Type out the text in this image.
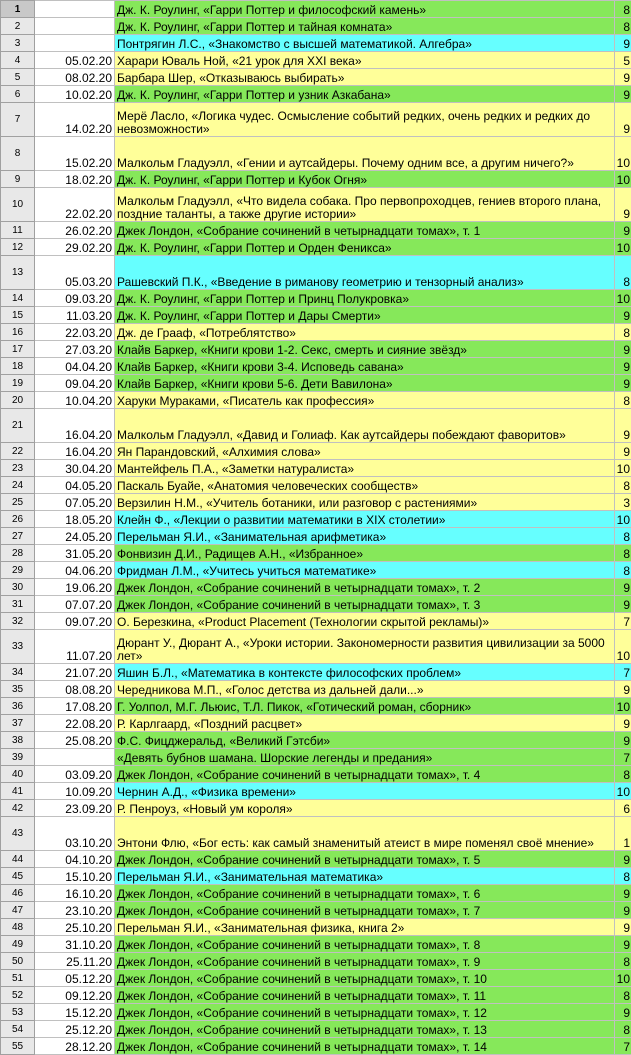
1		Дж. К. Роулинг, «Гарри Поттер и философский камень»	8
2		Дж. К. Роулинг, «Гарри Поттер и тайная комната»	8
3		Понтрягин Л.С., «Знакомство с высшей математикой. Алгебра»	9
4	05.02.20	Харари Юваль Ной, «21 урок для XXI века»	5
5	08.02.20	Барбара Шер, «Отказываюсь выбирать»	9
6	10.02.20	Дж. К. Роулинг, «Гарри Поттер и узник Азкабана»	9
7	14.02.20	Мерё Ласло, «Логика чудес. Осмысление событий редких, очень редких и редких до невозможности»	9
8	15.02.20	Малкольм Гладуэлл, «Гении и аутсайдеры. Почему одним все, а другим ничего?»	10
9	18.02.20	Дж. К. Роулинг, «Гарри Поттер и Кубок Огня»	10
10	22.02.20	Малкольм Гладуэлл, «Что видела собака. Про первопроходцев, гениев второго плана, поздние таланты, а также другие истории»	9
11	26.02.20	Джек Лондон, «Собрание сочинений в четырнадцати томах», т. 1	9
12	29.02.20	Дж. К. Роулинг, «Гарри Поттер и Орден Феникса»	10
13	05.03.20	Рашевский П.К., «Введение в риманову геометрию и тензорный анализ»	8
14	09.03.20	Дж. К. Роулинг, «Гарри Поттер и Принц Полукровка»	10
15	11.03.20	Дж. К. Роулинг, «Гарри Поттер и Дары Смерти»	9
16	22.03.20	Дж. де Грааф, «Потреблятство»	8
17	27.03.20	Клайв Баркер, «Книги крови 1-2. Секс, смерть и сияние звёзд»	9
18	04.04.20	Клайв Баркер, «Книги крови 3-4. Исповедь савана»	9
19	09.04.20	Клайв Баркер, «Книги крови 5-6. Дети Вавилона»	9
20	10.04.20	Харуки Мураками, «Писатель как профессия»	8
21	16.04.20	Малкольм Гладуэлл, «Давид и Голиаф. Как аутсайдеры побеждают фаворитов»	9
22	16.04.20	Ян Парандовский, «Алхимия слова»	9
23	30.04.20	Мантейфель П.А., «Заметки натуралиста»	10
24	04.05.20	Паскаль Буайе, «Анатомия человеческих сообществ»	8
25	07.05.20	Верзилин Н.М., «Учитель ботаники, или разговор с растениями»	3
26	18.05.20	Клейн Ф., «Лекции о развитии математики в XIX столетии»	10
27	24.05.20	Перельман Я.И., «Занимательная арифметика»	8
28	31.05.20	Фонвизин Д.И., Радищев А.Н., «Избранное»	8
29	04.06.20	Фридман Л.М., «Учитесь учиться математике»	8
30	19.06.20	Джек Лондон, «Собрание сочинений в четырнадцати томах», т. 2	9
31	07.07.20	Джек Лондон, «Собрание сочинений в четырнадцати томах», т. 3	9
32	09.07.20	О. Березкина, «Product Placement (Технологии скрытой рекламы)»	7
33	11.07.20	Дюрант У., Дюрант А., «Уроки истории. Закономерности развития цивилизации за 5000 лет»	10
34	21.07.20	Яшин Б.Л., «Математика в контексте философских проблем»	7
35	08.08.20	Чередникова М.П., «Голос детства из дальней дали...»	9
36	17.08.20	Г. Уолпол, М.Г. Льюис, Т.Л. Пикок, «Готический роман, сборник»	10
37	22.08.20	Р. Карлгаард, «Поздний расцвет»	9
38	25.08.20	Ф.С. Фицджеральд, «Великий Гэтсби»	9
39		«Девять бубнов шамана. Шорские легенды и предания»	7
40	03.09.20	Джек Лондон, «Собрание сочинений в четырнадцати томах», т. 4	8
41	10.09.20	Чернин А.Д., «Физика времени»	10
42	23.09.20	Р. Пенроуз, «Новый ум короля»	6
43	03.10.20	Энтони Флю, «Бог есть: как самый знаменитый атеист в мире поменял своё мнение»	1
44	04.10.20	Джек Лондон, «Собрание сочинений в четырнадцати томах», т. 5	9
45	15.10.20	Перельман Я.И., «Занимательная математика»	8
46	16.10.20	Джек Лондон, «Собрание сочинений в четырнадцати томах», т. 6	9
47	23.10.20	Джек Лондон, «Собрание сочинений в четырнадцати томах», т. 7	9
48	25.10.20	Перельман Я.И., «Занимательная физика, книга 2»	9
49	31.10.20	Джек Лондон, «Собрание сочинений в четырнадцати томах», т. 8	9
50	25.11.20	Джек Лондон, «Собрание сочинений в четырнадцати томах», т. 9	8
51	05.12.20	Джек Лондон, «Собрание сочинений в четырнадцати томах», т. 10	10
52	09.12.20	Джек Лондон, «Собрание сочинений в четырнадцати томах», т. 11	8
53	15.12.20	Джек Лондон, «Собрание сочинений в четырнадцати томах», т. 12	9
54	25.12.20	Джек Лондон, «Собрание сочинений в четырнадцати томах», т. 13	8
55	28.12.20	Джек Лондон, «Собрание сочинений в четырнадцати томах», т. 14	7
